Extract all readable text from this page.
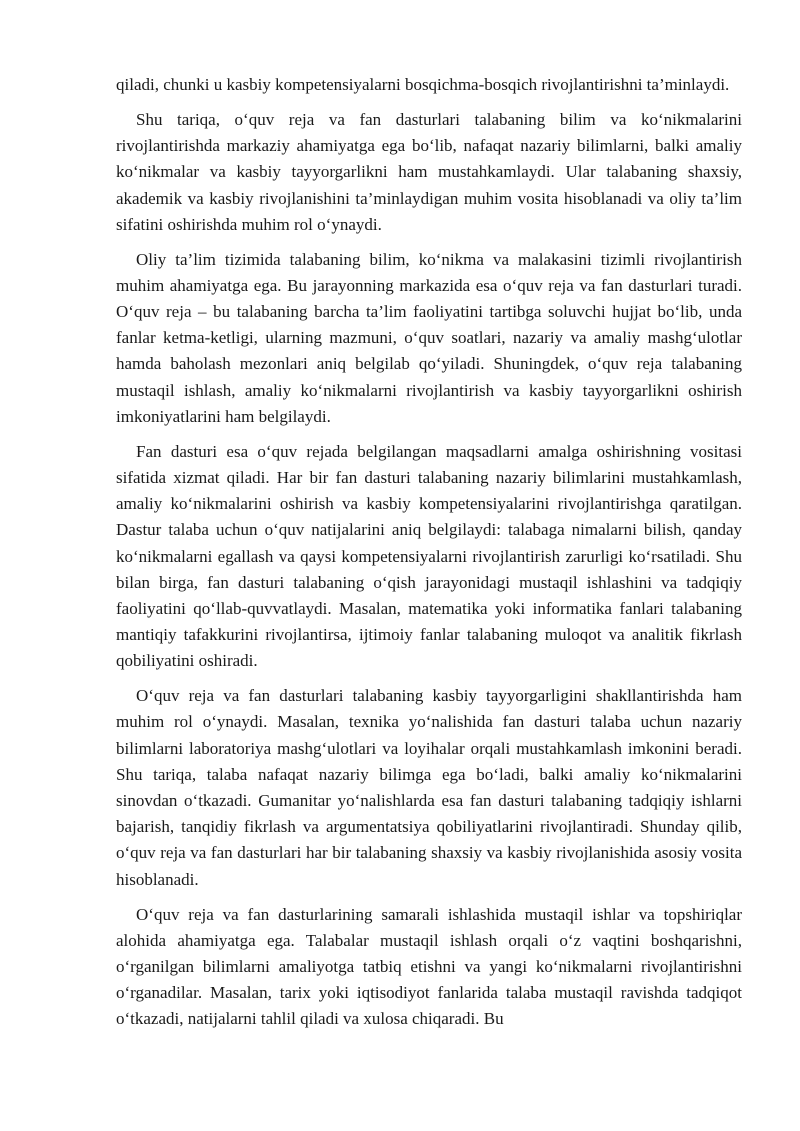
qiladi, chunki u kasbiy kompetensiyalarni bosqichma-bosqich rivojlantirishni ta’minlaydi.

Shu tariqa, o‘quv reja va fan dasturlari talabaning bilim va ko‘nikmalarini rivojlantirishda markaziy ahamiyatga ega bo‘lib, nafaqat nazariy bilimlarni, balki amaliy ko‘nikmalar va kasbiy tayyorgarlikni ham mustahkamlaydi. Ular talabaning shaxsiy, akademik va kasbiy rivojlanishini ta’minlaydigan muhim vosita hisoblanadi va oliy ta’lim sifatini oshirishda muhim rol o‘ynaydi.

Oliy ta’lim tizimida talabaning bilim, ko‘nikma va malakasini tizimli rivojlantirish muhim ahamiyatga ega. Bu jarayonning markazida esa o‘quv reja va fan dasturlari turadi. O‘quv reja – bu talabaning barcha ta’lim faoliyatini tartibga soluvchi hujjat bo‘lib, unda fanlar ketma-ketligi, ularning mazmuni, o‘quv soatlari, nazariy va amaliy mashg‘ulotlar hamda baholash mezonlari aniq belgilab qo‘yiladi. Shuningdek, o‘quv reja talabaning mustaqil ishlash, amaliy ko‘nikmalarni rivojlantirish va kasbiy tayyorgarlikni oshirish imkoniyatlarini ham belgilaydi.

Fan dasturi esa o‘quv rejada belgilangan maqsadlarni amalga oshirishning vositasi sifatida xizmat qiladi. Har bir fan dasturi talabaning nazariy bilimlarini mustahkamlash, amaliy ko‘nikmalarini oshirish va kasbiy kompetensiyalarini rivojlantirishga qaratilgan. Dastur talaba uchun o‘quv natijalarini aniq belgilaydi: talabaga nimalarni bilish, qanday ko‘nikmalarni egallash va qaysi kompetensiyalarni rivojlantirish zarurligi ko‘rsatiladi. Shu bilan birga, fan dasturi talabaning o‘qish jarayonidagi mustaqil ishlashini va tadqiqiy faoliyatini qo‘llab-quvvatlaydi. Masalan, matematika yoki informatika fanlari talabaning mantiqiy tafakkurini rivojlantirsa, ijtimoiy fanlar talabaning muloqot va analitik fikrlash qobiliyatini oshiradi.

O‘quv reja va fan dasturlari talabaning kasbiy tayyorgarligini shakllantirishda ham muhim rol o‘ynaydi. Masalan, texnika yo‘nalishida fan dasturi talaba uchun nazariy bilimlarni laboratoriya mashg‘ulotlari va loyihalar orqali mustahkamlash imkonini beradi. Shu tariqa, talaba nafaqat nazariy bilimga ega bo‘ladi, balki amaliy ko‘nikmalarini sinovdan o‘tkazadi. Gumanitar yo‘nalishlarda esa fan dasturi talabaning tadqiqiy ishlarni bajarish, tanqidiy fikrlash va argumentatsiya qobiliyatlarini rivojlantiradi. Shunday qilib, o‘quv reja va fan dasturlari har bir talabaning shaxsiy va kasbiy rivojlanishida asosiy vosita hisoblanadi.

O‘quv reja va fan dasturlarining samarali ishlashida mustaqil ishlar va topshiriqlar alohida ahamiyatga ega. Talabalar mustaqil ishlash orqali o‘z vaqtini boshqarishni, o‘rganilgan bilimlarni amaliyotga tatbiq etishni va yangi ko‘nikmalarni rivojlantirishni o‘rganadilar. Masalan, tarix yoki iqtisodiyot fanlarida talaba mustaqil ravishda tadqiqot o‘tkazadi, natijalarni tahlil qiladi va xulosa chiqaradi. Bu
